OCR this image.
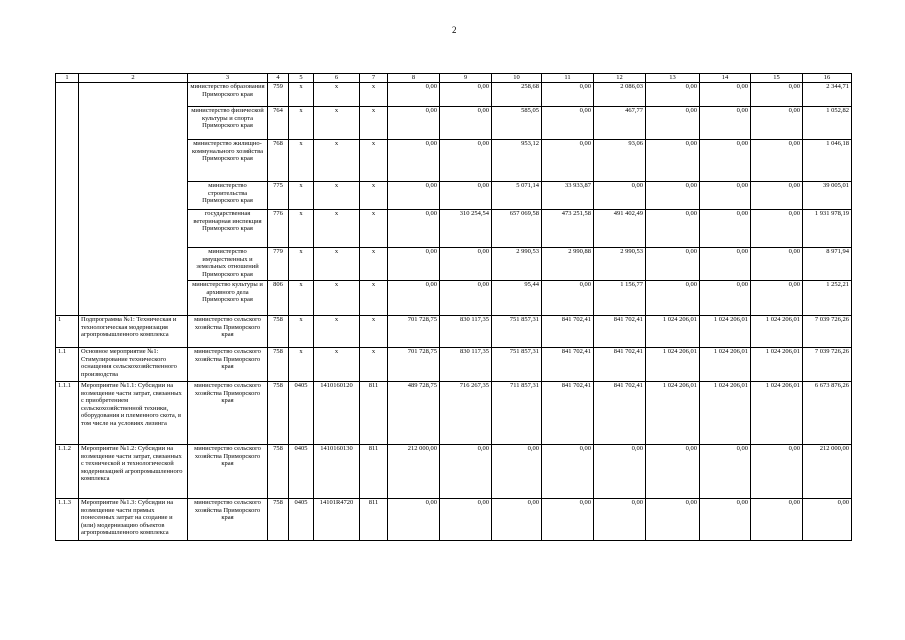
2
1	2	3	4	5	6	7	8	9	10	11	12	13	14	15	16
		министерство образования Приморского края	759	x	x	x	0,00	0,00	258,68	0,00	2 086,03	0,00	0,00	0,00	2 344,71
		министерство физической культуры и спорта Приморского края	764	x	x	x	0,00	0,00	585,05	0,00	467,77	0,00	0,00	0,00	1 052,82
		министерство жилищно-коммунального хозяйства Приморского края	768	x	x	x	0,00	0,00	953,12	0,00	93,06	0,00	0,00	0,00	1 046,18
		министерство строительства Приморского края	775	x	x	x	0,00	0,00	5 071,14	33 933,87	0,00	0,00	0,00	0,00	39 005,01
		государственная ветеринарная инспекция Приморского края	776	x	x	x	0,00	310 254,54	657 069,58	473 251,58	491 402,49	0,00	0,00	0,00	1 931 978,19
		министерство имущественных и земельных отношений Приморского края	779	x	x	x	0,00	0,00	2 990,53	2 990,88	2 990,53	0,00	0,00	0,00	8 971,94
		министерство культуры и архивного дела Приморского края	806	x	x	x	0,00	0,00	95,44	0,00	1 156,77	0,00	0,00	0,00	1 252,21
1	Подпрограмма №1: Техническая и технологическая модернизация агропромышленного комплекса	министерство сельского хозяйства Приморского края	758	x	x	x	701 728,75	830 117,35	751 857,31	841 702,41	841 702,41	1 024 206,01	1 024 206,01	1 024 206,01	7 039 726,26
1.1	Основное мероприятие №1: Стимулирование технического оснащения сельскохозяйственного производства	министерство сельского хозяйства Приморского края	758	x	x	x	701 728,75	830 117,35	751 857,31	841 702,41	841 702,41	1 024 206,01	1 024 206,01	1 024 206,01	7 039 726,26
1.1.1	Мероприятие №1.1: Субсидии на возмещение части затрат, связанных с приобретением сельскохозяйственной техники, оборудования и племенного скота, в том числе на условиях лизинга	министерство сельского хозяйства Приморского края	758	0405	1410160120	811	489 728,75	716 267,35	711 857,31	841 702,41	841 702,41	1 024 206,01	1 024 206,01	1 024 206,01	6 673 876,26
1.1.2	Мероприятие №1.2: Субсидии на возмещение части затрат, связанных с технической и технологической модернизацией агропромышленного комплекса	министерство сельского хозяйства Приморского края	758	0405	1410160130	811	212 000,00	0,00	0,00	0,00	0,00	0,00	0,00	0,00	212 000,00
1.1.3	Мероприятие №1.3: Субсидии на возмещение части прямых понесенных затрат на создание и (или) модернизацию объектов агропромышленного комплекса	министерство сельского хозяйства Приморского края	758	0405	14101R4720	811	0,00	0,00	0,00	0,00	0,00	0,00	0,00	0,00	0,00
